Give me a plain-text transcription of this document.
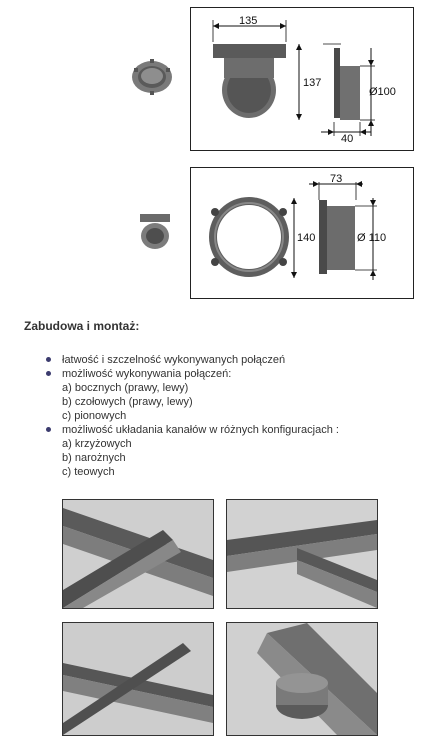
135
137
Ø100
40
73
140	Ø 110
Zabudowa i montaż:
łatwość i szczelność wykonywanych połączeń
możliwość wykonywania połączeń:
a) bocznych (prawy, lewy)
b) czołowych (prawy, lewy)
c) pionowych
możliwość układania kanałów w różnych konfiguracjach :
a) krzyżowych
b) narożnych
c) teowych
